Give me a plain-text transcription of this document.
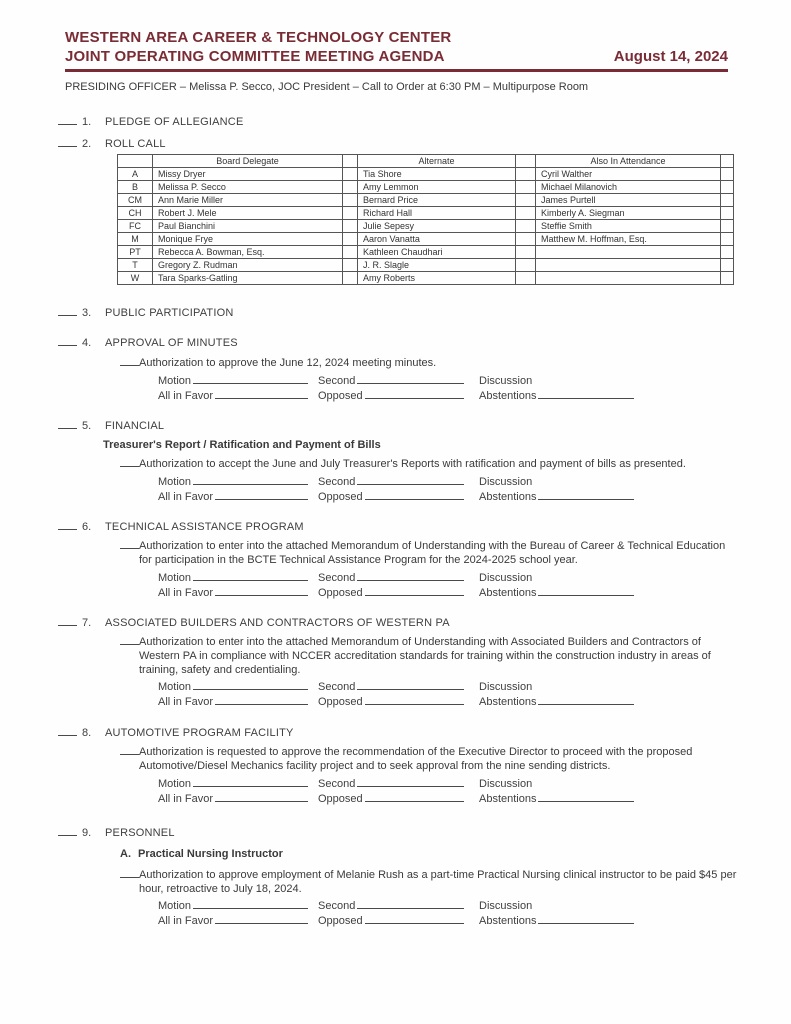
WESTERN AREA CAREER & TECHNOLOGY CENTER
JOINT OPERATING COMMITTEE MEETING AGENDA	August 14, 2024
PRESIDING OFFICER – Melissa P. Secco, JOC President – Call to Order at 6:30 PM – Multipurpose Room
1.	PLEDGE OF ALLEGIANCE
2.	ROLL CALL
	Board Delegate		Alternate		Also In Attendance	
A	Missy Dryer		Tia Shore		Cyril Walther	
B	Melissa P. Secco		Amy Lemmon		Michael Milanovich	
CM	Ann Marie Miller		Bernard Price		James Purtell	
CH	Robert J. Mele		Richard Hall		Kimberly A. Siegman	
FC	Paul Bianchini		Julie Sepesy		Steffie Smith	
M	Monique Frye		Aaron Vanatta		Matthew M. Hoffman, Esq.	
PT	Rebecca A. Bowman, Esq.		Kathleen Chaudhari			
T	Gregory Z. Rudman		J. R. Slagle			
W	Tara Sparks-Gatling		Amy Roberts			
3.	PUBLIC PARTICIPATION
4.	APPROVAL OF MINUTES

Authorization to approve the June 12, 2024 meeting minutes.

Motion	Second	Discussion
All in Favor	Opposed	Abstentions
5.	FINANCIAL
Treasurer's Report / Ratification and Payment of Bills

Authorization to accept the June and July Treasurer's Reports with ratification and payment of bills as presented.

Motion	Second	Discussion
All in Favor	Opposed	Abstentions
6.	TECHNICAL ASSISTANCE PROGRAM

Authorization to enter into the attached Memorandum of Understanding with the Bureau of Career & Technical Education for participation in the BCTE Technical Assistance Program for the 2024-2025 school year.

Motion	Second	Discussion
All in Favor	Opposed	Abstentions
7.	ASSOCIATED BUILDERS AND CONTRACTORS OF WESTERN PA

Authorization to enter into the attached Memorandum of Understanding with Associated Builders and Contractors of Western PA in compliance with NCCER accreditation standards for training within the construction industry in areas of training, safety and credentialing.

Motion	Second	Discussion
All in Favor	Opposed	Abstentions
8.	AUTOMOTIVE PROGRAM FACILITY

Authorization is requested to approve the recommendation of the Executive Director to proceed with the proposed Automotive/Diesel Mechanics facility project and to seek approval from the nine sending districts.

Motion	Second	Discussion
All in Favor	Opposed	Abstentions
9.	PERSONNEL
A. Practical Nursing Instructor

Authorization to approve employment of Melanie Rush as a part-time Practical Nursing clinical instructor to be paid $45 per hour, retroactive to July 18, 2024.

Motion	Second	Discussion
All in Favor	Opposed	Abstentions
